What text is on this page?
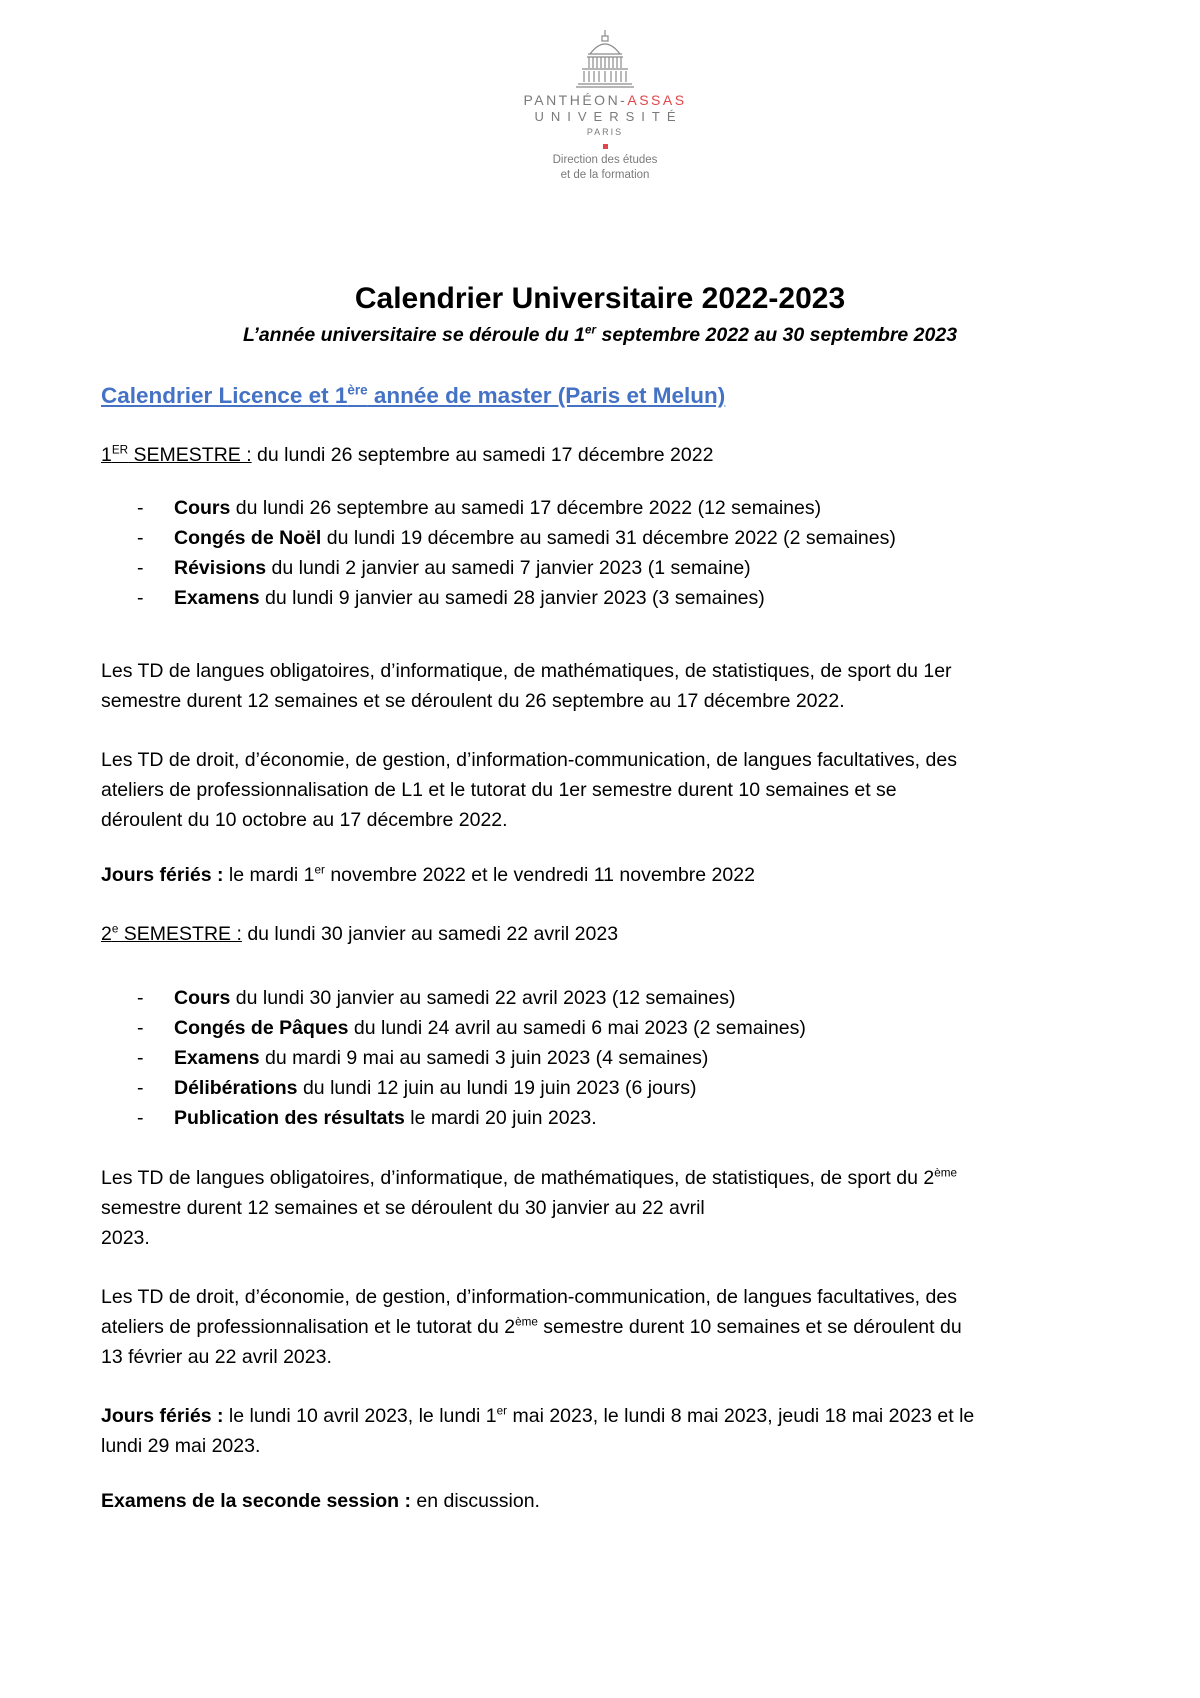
PANTHÉON-ASSAS
UNIVERSITÉ
PARIS
Direction des études
et de la formation
Calendrier Universitaire 2022-2023
L’année universitaire se déroule du 1er septembre 2022 au 30 septembre 2023
Calendrier Licence et 1ère année de master (Paris et Melun)
1ER SEMESTRE : du lundi 26 septembre au samedi 17 décembre 2022
- Cours du lundi 26 septembre au samedi 17 décembre 2022 (12 semaines)
- Congés de Noël du lundi 19 décembre au samedi 31 décembre 2022 (2 semaines)
- Révisions du lundi 2 janvier au samedi 7 janvier 2023 (1 semaine)
- Examens du lundi 9 janvier au samedi 28 janvier 2023 (3 semaines)
Les TD de langues obligatoires, d’informatique, de mathématiques, de statistiques, de sport du 1er
semestre durent 12 semaines et se déroulent du 26 septembre au 17 décembre 2022.
Les TD de droit, d’économie, de gestion, d’information-communication, de langues facultatives, des
ateliers de professionnalisation de L1 et le tutorat du 1er semestre durent 10 semaines et se
déroulent du 10 octobre au 17 décembre 2022.
Jours fériés : le mardi 1er novembre 2022 et le vendredi 11 novembre 2022
2e SEMESTRE : du lundi 30 janvier au samedi 22 avril 2023
- Cours du lundi 30 janvier au samedi 22 avril 2023 (12 semaines)
- Congés de Pâques du lundi 24 avril au samedi 6 mai 2023 (2 semaines)
- Examens du mardi 9 mai au samedi 3 juin 2023 (4 semaines)
- Délibérations du lundi 12 juin au lundi 19 juin 2023 (6 jours)
- Publication des résultats le mardi 20 juin 2023.
Les TD de langues obligatoires, d’informatique, de mathématiques, de statistiques, de sport du 2ème
semestre durent 12 semaines et se déroulent du 30 janvier au 22 avril
2023.
Les TD de droit, d’économie, de gestion, d’information-communication, de langues facultatives, des
ateliers de professionnalisation et le tutorat du 2ème semestre durent 10 semaines et se déroulent du
13 février au 22 avril 2023.
Jours fériés : le lundi 10 avril 2023, le lundi 1er mai 2023, le lundi 8 mai 2023, jeudi 18 mai 2023 et le
lundi 29 mai 2023.
Examens de la seconde session : en discussion.
